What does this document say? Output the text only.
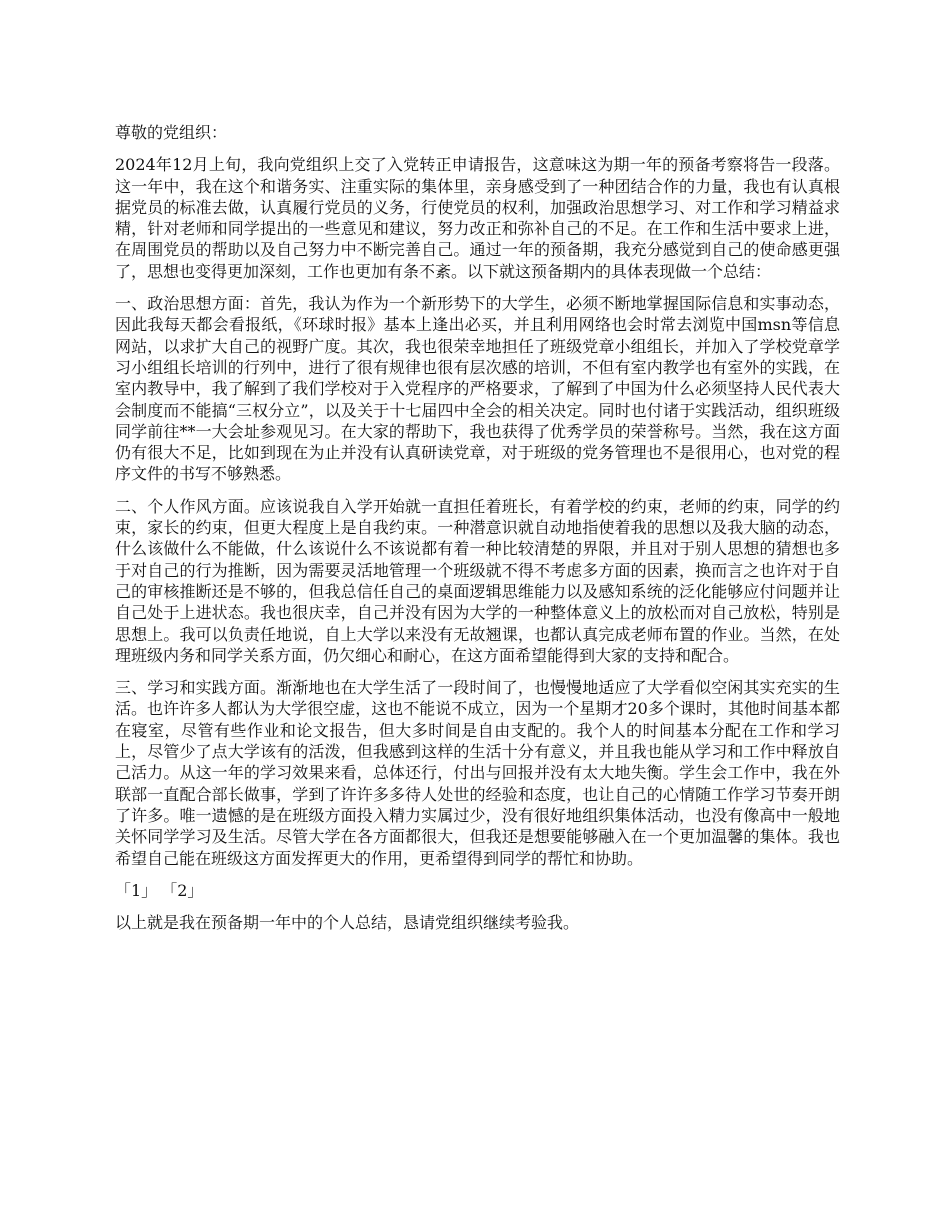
尊敬的党组织：

2024年12月上旬，我向党组织上交了入党转正申请报告，这意味这为期一年的预备考察将告一段落。这一年中，我在这个和谐务实、注重实际的集体里，亲身感受到了一种团结合作的力量，我也有认真根据党员的标准去做，认真履行党员的义务，行使党员的权利，加强政治思想学习、对工作和学习精益求精，针对老师和同学提出的一些意见和建议，努力改正和弥补自己的不足。在工作和生活中要求上进，在周围党员的帮助以及自己努力中不断完善自己。通过一年的预备期，我充分感觉到自己的使命感更强了，思想也变得更加深刻，工作也更加有条不紊。以下就这预备期内的具体表现做一个总结：

一、政治思想方面：首先，我认为作为一个新形势下的大学生，必须不断地掌握国际信息和实事动态，因此我每天都会看报纸，《环球时报》基本上逢出必买，并且利用网络也会时常去浏览中国msn等信息网站，以求扩大自己的视野广度。其次，我也很荣幸地担任了班级党章小组组长，并加入了学校党章学习小组组长培训的行列中，进行了很有规律也很有层次感的培训，不但有室内教学也有室外的实践，在室内教导中，我了解到了我们学校对于入党程序的严格要求，了解到了中国为什么必须坚持人民代表大会制度而不能搞“三权分立”，以及关于十七届四中全会的相关决定。同时也付诸于实践活动，组织班级同学前往**一大会址参观见习。在大家的帮助下，我也获得了优秀学员的荣誉称号。当然，我在这方面仍有很大不足，比如到现在为止并没有认真研读党章，对于班级的党务管理也不是很用心，也对党的程序文件的书写不够熟悉。

二、个人作风方面。应该说我自入学开始就一直担任着班长，有着学校的约束，老师的约束，同学的约束，家长的约束，但更大程度上是自我约束。一种潜意识就自动地指使着我的思想以及我大脑的动态，什么该做什么不能做，什么该说什么不该说都有着一种比较清楚的界限，并且对于别人思想的猜想也多于对自己的行为推断，因为需要灵活地管理一个班级就不得不考虑多方面的因素，换而言之也许对于自己的审核推断还是不够的，但我总信任自己的桌面逻辑思维能力以及感知系统的泛化能够应付问题并让自己处于上进状态。我也很庆幸，自己并没有因为大学的一种整体意义上的放松而对自己放松，特别是思想上。我可以负责任地说，自上大学以来没有无故翘课，也都认真完成老师布置的作业。当然，在处理班级内务和同学关系方面，仍欠细心和耐心，在这方面希望能得到大家的支持和配合。

三、学习和实践方面。渐渐地也在大学生活了一段时间了，也慢慢地适应了大学看似空闲其实充实的生活。也许许多人都认为大学很空虚，这也不能说不成立，因为一个星期才20多个课时，其他时间基本都在寝室，尽管有些作业和论文报告，但大多时间是自由支配的。我个人的时间基本分配在工作和学习上，尽管少了点大学该有的活泼，但我感到这样的生活十分有意义，并且我也能从学习和工作中释放自己活力。从这一年的学习效果来看，总体还行，付出与回报并没有太大地失衡。学生会工作中，我在外联部一直配合部长做事，学到了许许多多待人处世的经验和态度，也让自己的心情随工作学习节奏开朗了许多。唯一遗憾的是在班级方面投入精力实属过少，没有很好地组织集体活动，也没有像高中一般地关怀同学学习及生活。尽管大学在各方面都很大，但我还是想要能够融入在一个更加温馨的集体。我也希望自己能在班级这方面发挥更大的作用，更希望得到同学的帮忙和协助。

「1」 「2」

以上就是我在预备期一年中的个人总结，恳请党组织继续考验我。
